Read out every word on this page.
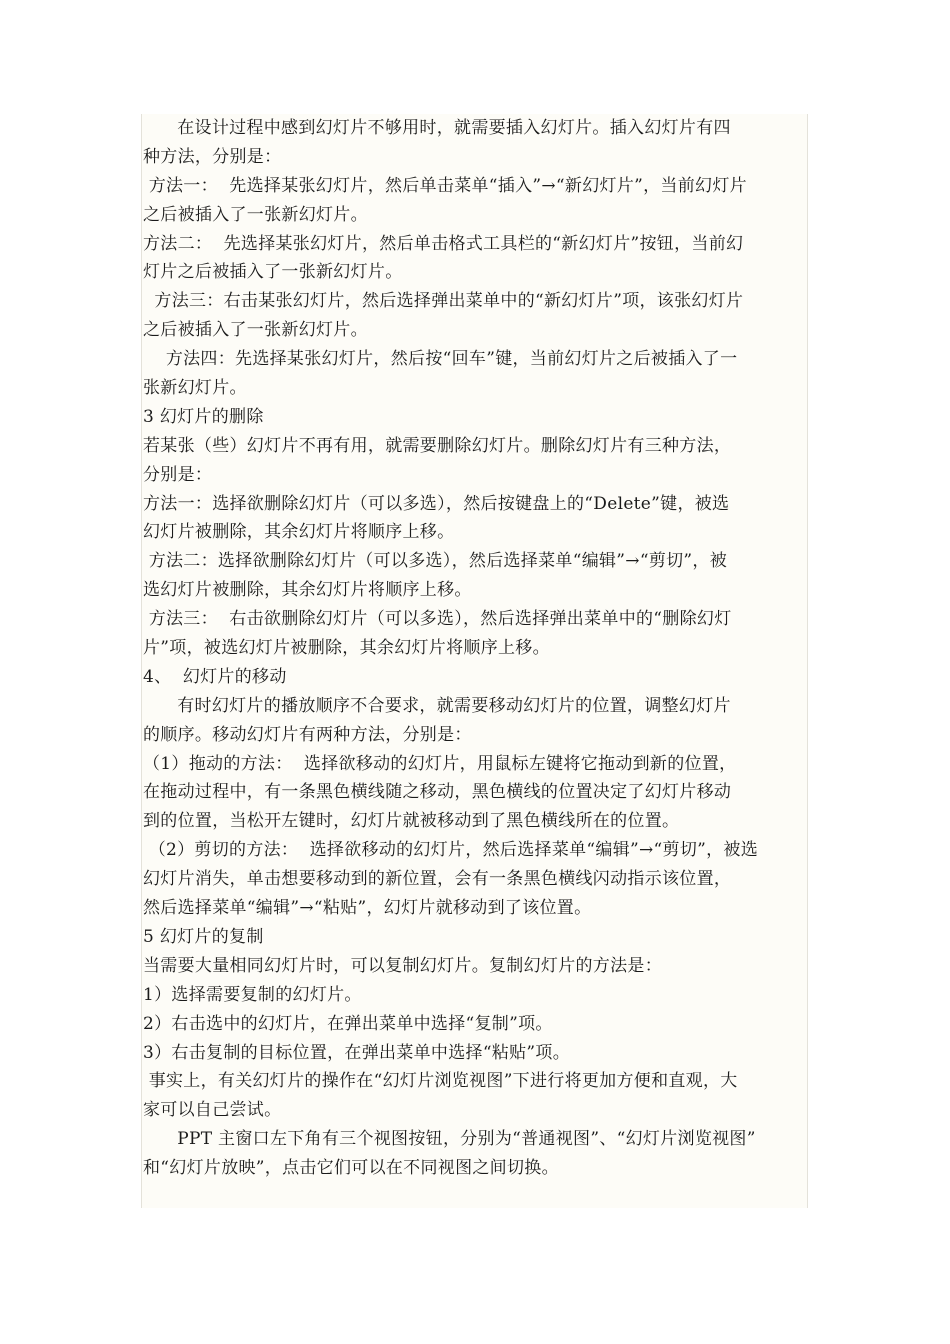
在设计过程中感到幻灯片不够用时，就需要插入幻灯片。插入幻灯片有四
种方法，分别是：
方法一：  先选择某张幻灯片，然后单击菜单“插入”→“新幻灯片”，当前幻灯片
之后被插入了一张新幻灯片。
方法二：  先选择某张幻灯片，然后单击格式工具栏的“新幻灯片”按钮，当前幻
灯片之后被插入了一张新幻灯片。
方法三：右击某张幻灯片，然后选择弹出菜单中的“新幻灯片”项，该张幻灯片
之后被插入了一张新幻灯片。
方法四：先选择某张幻灯片，然后按“回车”键，当前幻灯片之后被插入了一
张新幻灯片。
3 幻灯片的删除
若某张（些）幻灯片不再有用，就需要删除幻灯片。删除幻灯片有三种方法，
分别是：
方法一：选择欲删除幻灯片（可以多选），然后按键盘上的“Delete”键，被选
幻灯片被删除，其余幻灯片将顺序上移。
方法二：选择欲删除幻灯片（可以多选），然后选择菜单“编辑”→“剪切”，被
选幻灯片被删除，其余幻灯片将顺序上移。
方法三：  右击欲删除幻灯片（可以多选），然后选择弹出菜单中的“删除幻灯
片”项，被选幻灯片被删除，其余幻灯片将顺序上移。
4、  幻灯片的移动
有时幻灯片的播放顺序不合要求，就需要移动幻灯片的位置，调整幻灯片
的顺序。移动幻灯片有两种方法，分别是：
（1）拖动的方法：  选择欲移动的幻灯片，用鼠标左键将它拖动到新的位置，
在拖动过程中，有一条黑色横线随之移动，黑色横线的位置决定了幻灯片移动
到的位置，当松开左键时，幻灯片就被移动到了黑色横线所在的位置。
（2）剪切的方法：  选择欲移动的幻灯片，然后选择菜单“编辑”→“剪切”，被选
幻灯片消失，单击想要移动到的新位置，会有一条黑色横线闪动指示该位置，
然后选择菜单“编辑”→“粘贴”，幻灯片就移动到了该位置。
5 幻灯片的复制
当需要大量相同幻灯片时，可以复制幻灯片。复制幻灯片的方法是：
1）选择需要复制的幻灯片。
2）右击选中的幻灯片，在弹出菜单中选择“复制”项。
3）右击复制的目标位置，在弹出菜单中选择“粘贴”项。
事实上，有关幻灯片的操作在“幻灯片浏览视图”下进行将更加方便和直观，大
家可以自己尝试。
PPT 主窗口左下角有三个视图按钮，分别为“普通视图”、“幻灯片浏览视图”
和“幻灯片放映”，点击它们可以在不同视图之间切换。
